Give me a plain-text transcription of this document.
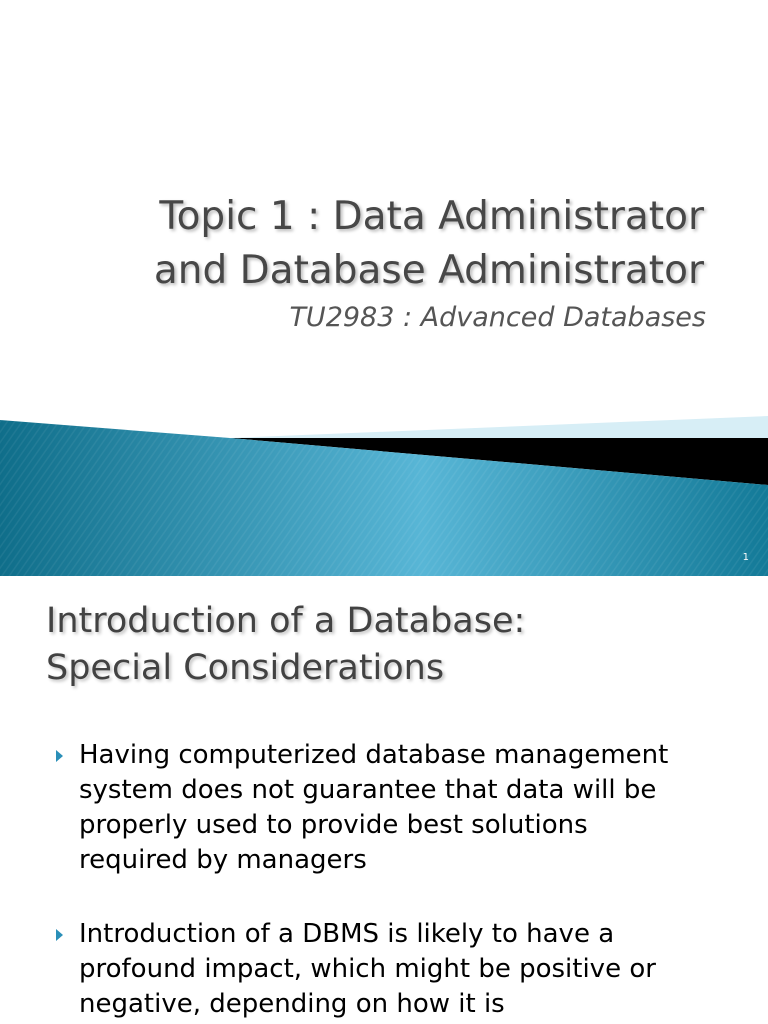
Topic 1 : Data Administrator
and Database Administrator
TU2983 : Advanced Databases
1
Introduction of a Database:
Special Considerations
Having computerized database management
system does not guarantee that data will be
properly used to provide best solutions
required by managers
Introduction of a DBMS is likely to have a
profound impact, which might be positive or
negative, depending on how it is
